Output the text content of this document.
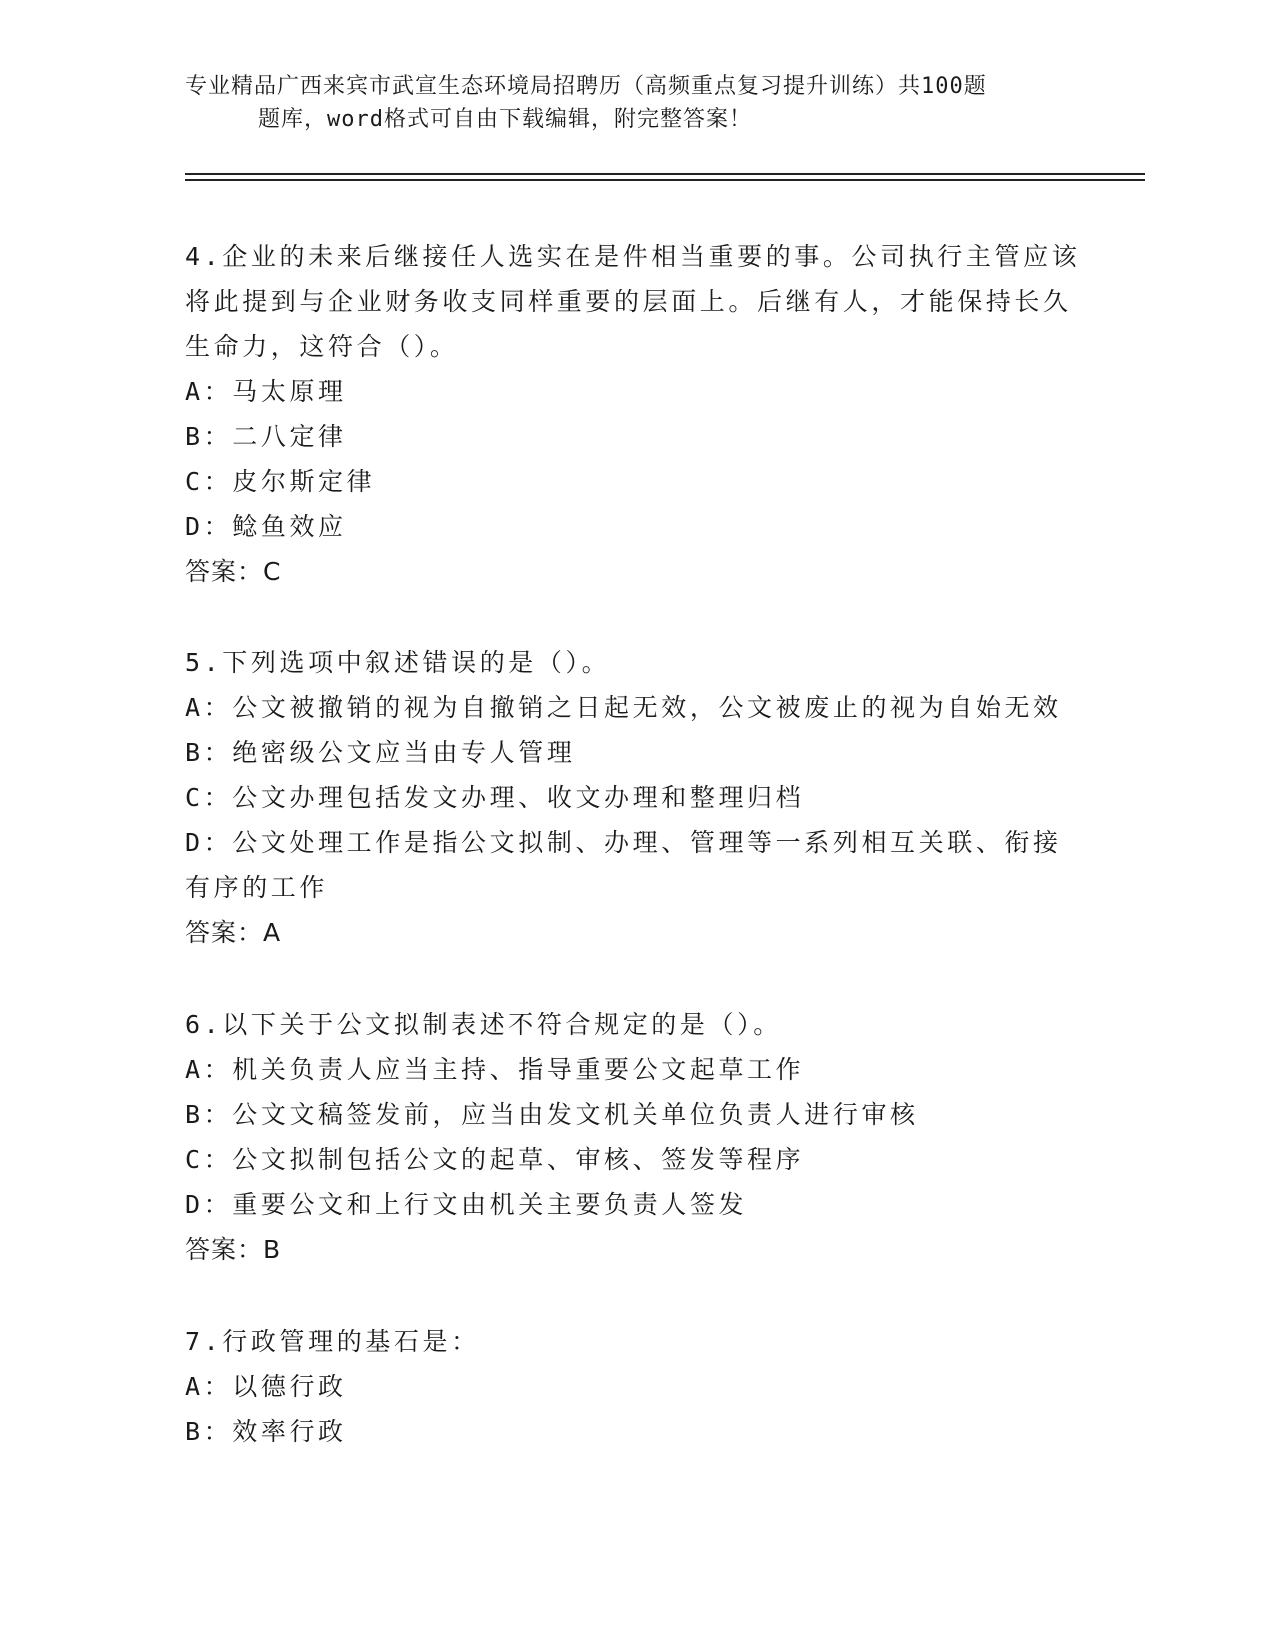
专业精品广西来宾市武宣生态环境局招聘历（高频重点复习提升训练）共100题
题库，word格式可自由下载编辑，附完整答案！

4.企业的未来后继接任人选实在是件相当重要的事。公司执行主管应该将此提到与企业财务收支同样重要的层面上。后继有人，才能保持长久生命力，这符合（）。

A：马太原理

B：二八定律

C：皮尔斯定律

D：鲶鱼效应

答案：C

5.下列选项中叙述错误的是（）。

A：公文被撤销的视为自撤销之日起无效，公文被废止的视为自始无效

B：绝密级公文应当由专人管理

C：公文办理包括发文办理、收文办理和整理归档

D：公文处理工作是指公文拟制、办理、管理等一系列相互关联、衔接有序的工作

答案：A

6.以下关于公文拟制表述不符合规定的是（）。

A：机关负责人应当主持、指导重要公文起草工作

B：公文文稿签发前，应当由发文机关单位负责人进行审核

C：公文拟制包括公文的起草、审核、签发等程序

D：重要公文和上行文由机关主要负责人签发

答案：B

7.行政管理的基石是：

A：以德行政

B：效率行政
